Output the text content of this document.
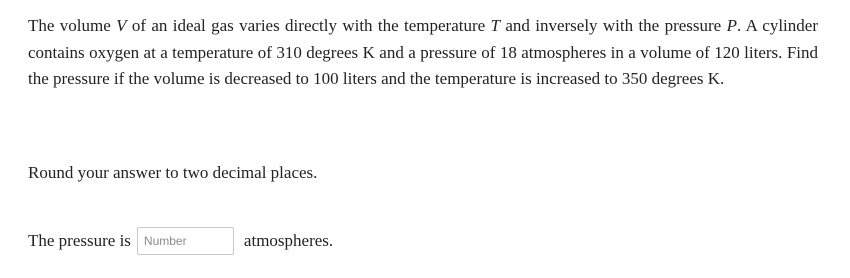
The volume V of an ideal gas varies directly with the temperature T and inversely with the pressure P. A cylinder contains oxygen at a temperature of 310 degrees K and a pressure of 18 atmospheres in a volume of 120 liters. Find the pressure if the volume is decreased to 100 liters and the temperature is increased to 350 degrees K.
Round your answer to two decimal places.
The pressure is
Number	atmospheres.
